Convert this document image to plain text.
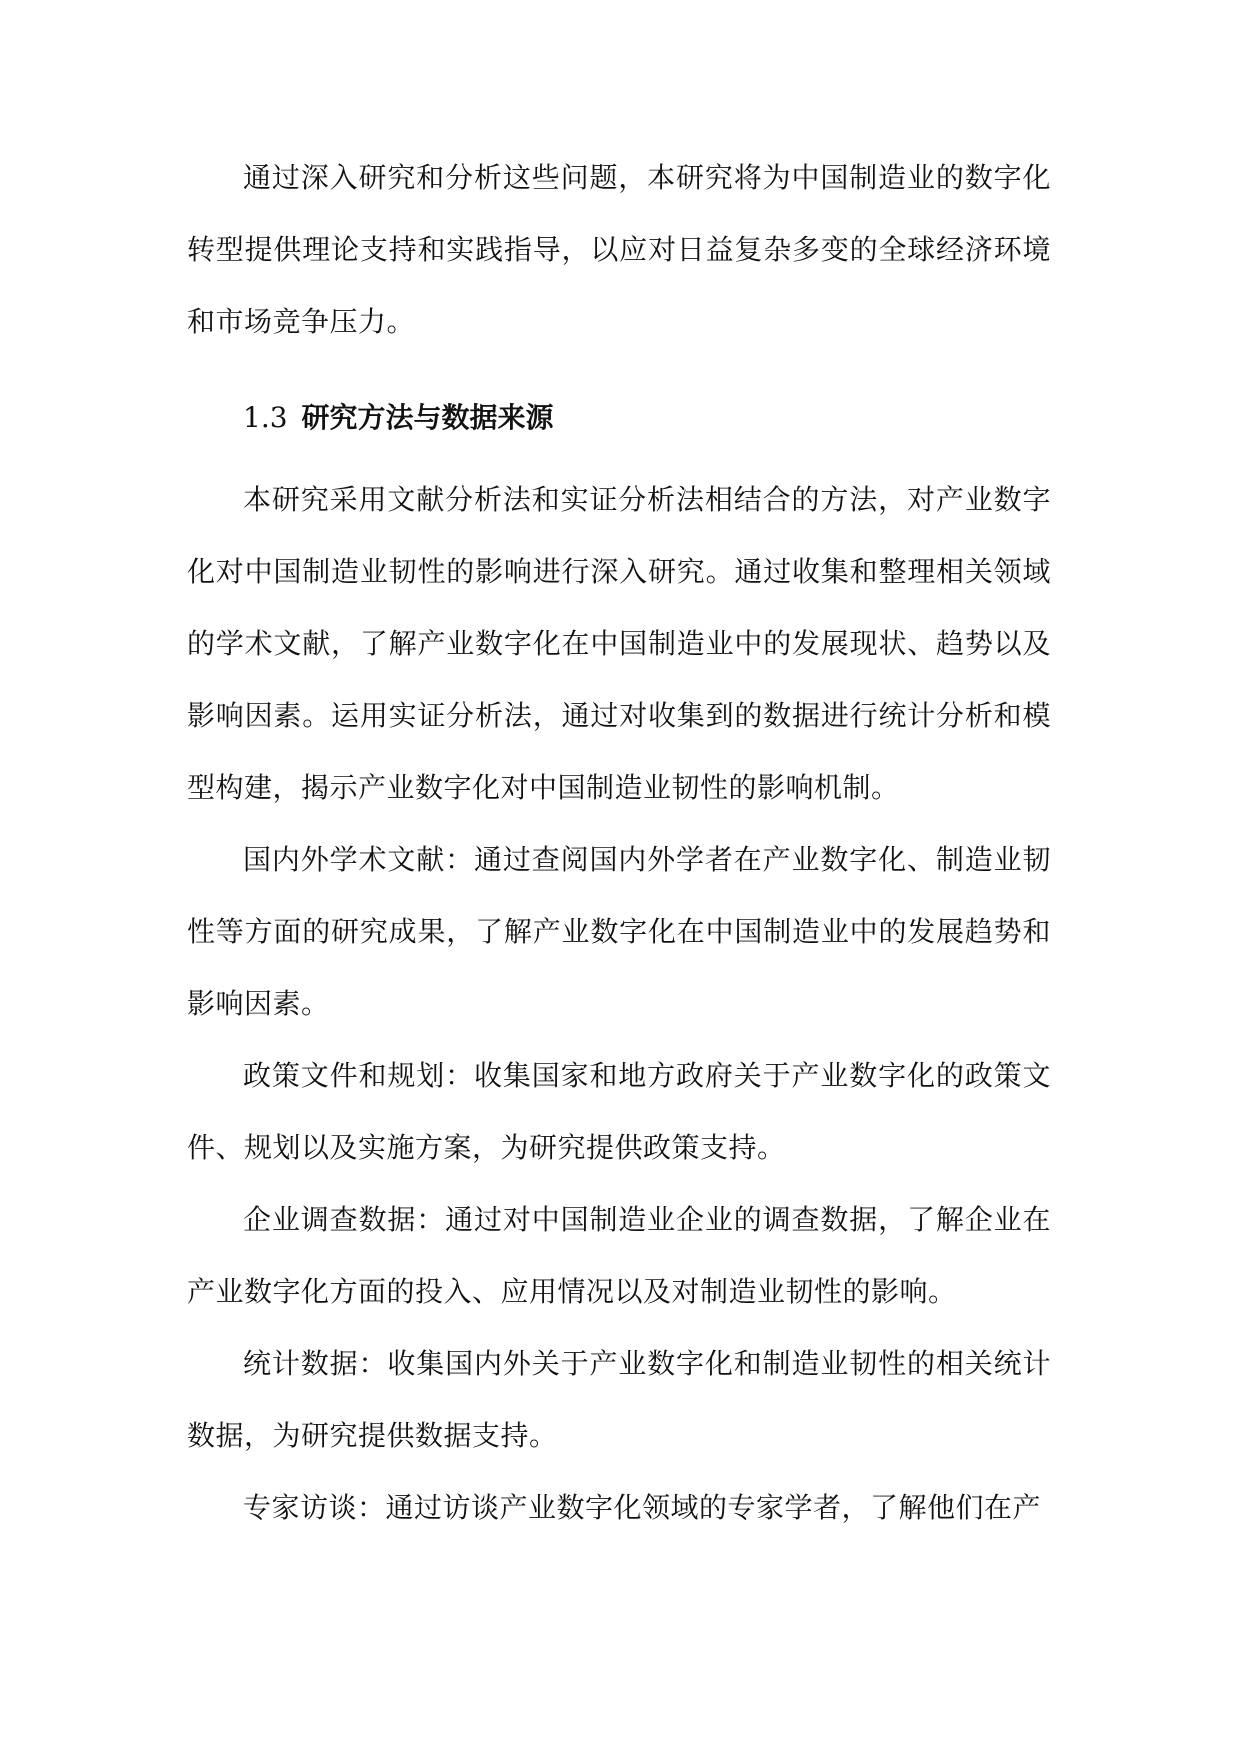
通过深入研究和分析这些问题，本研究将为中国制造业的数字化转型提供理论支持和实践指导，以应对日益复杂多变的全球经济环境和市场竞争压力。

1.3 研究方法与数据来源

本研究采用文献分析法和实证分析法相结合的方法，对产业数字化对中国制造业韧性的影响进行深入研究。通过收集和整理相关领域的学术文献，了解产业数字化在中国制造业中的发展现状、趋势以及影响因素。运用实证分析法，通过对收集到的数据进行统计分析和模型构建，揭示产业数字化对中国制造业韧性的影响机制。

国内外学术文献：通过查阅国内外学者在产业数字化、制造业韧性等方面的研究成果，了解产业数字化在中国制造业中的发展趋势和影响因素。

政策文件和规划：收集国家和地方政府关于产业数字化的政策文件、规划以及实施方案，为研究提供政策支持。

企业调查数据：通过对中国制造业企业的调查数据，了解企业在产业数字化方面的投入、应用情况以及对制造业韧性的影响。

统计数据：收集国内外关于产业数字化和制造业韧性的相关统计数据，为研究提供数据支持。

专家访谈：通过访谈产业数字化领域的专家学者，了解他们在产
